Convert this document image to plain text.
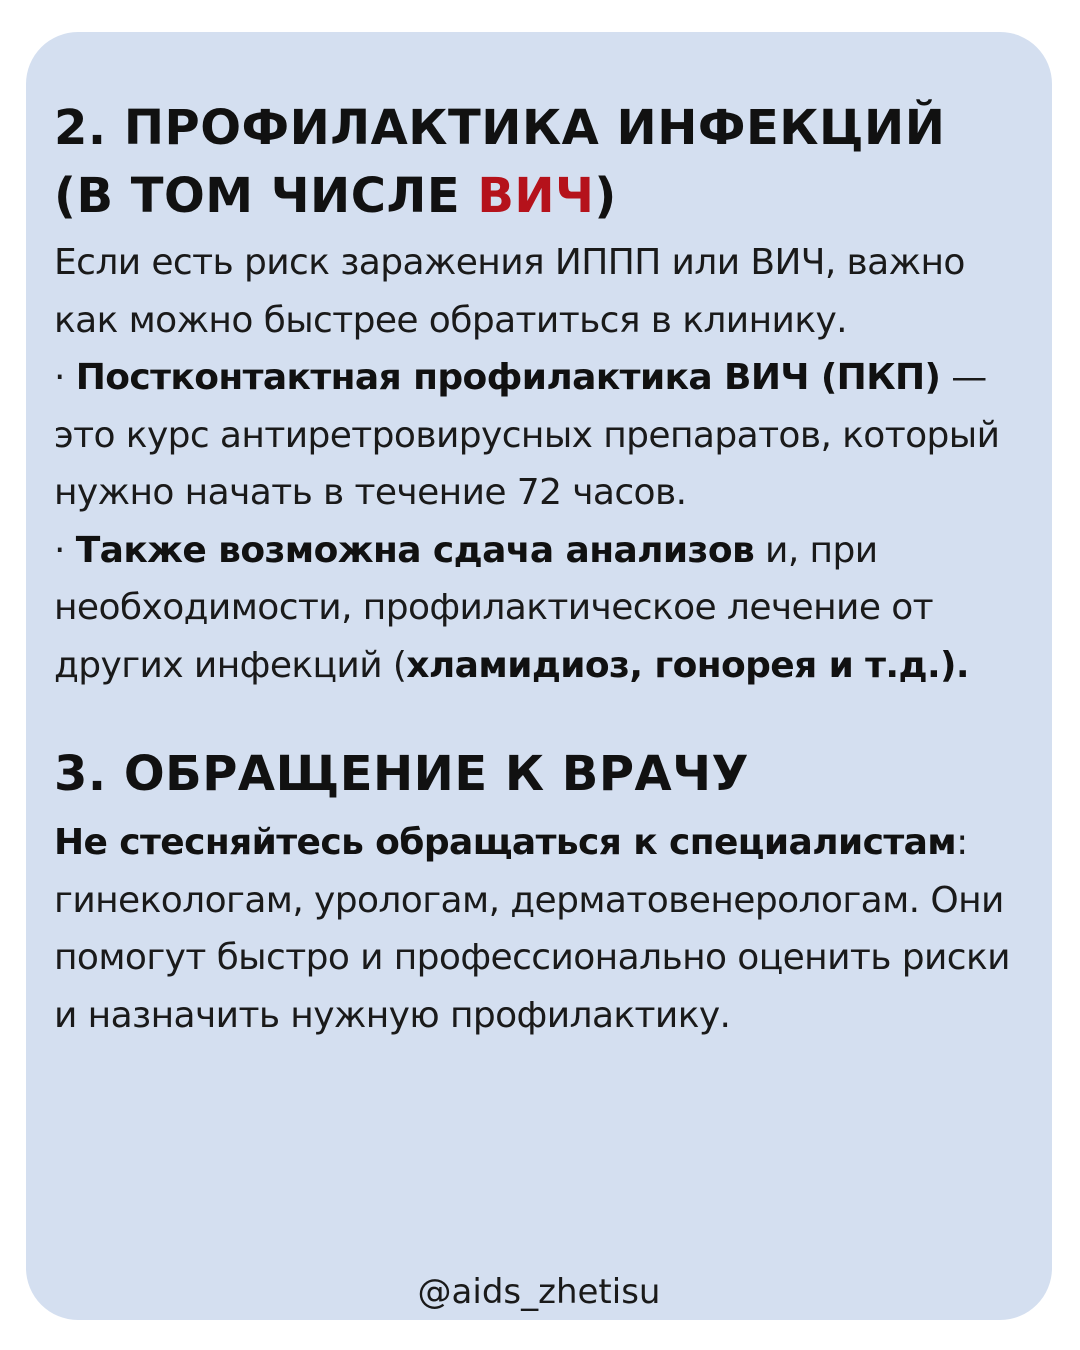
2. ПРОФИЛАКТИКА ИНФЕКЦИЙ
(В ТОМ ЧИСЛЕ ВИЧ)

Если есть риск заражения ИППП или ВИЧ, важно как можно быстрее обратиться в клинику.
· Постконтактная профилактика ВИЧ (ПКП) — это курс антиретровирусных препаратов, который нужно начать в течение 72 часов.
· Также возможна сдача анализов и, при необходимости, профилактическое лечение от других инфекций (хламидиоз, гонорея и т.д.).

3. ОБРАЩЕНИЕ К ВРАЧУ

Не стесняйтесь обращаться к специалистам: гинекологам, урологам, дерматовенерологам. Они помогут быстро и профессионально оценить риски и назначить нужную профилактику.

@aids_zhetisu
